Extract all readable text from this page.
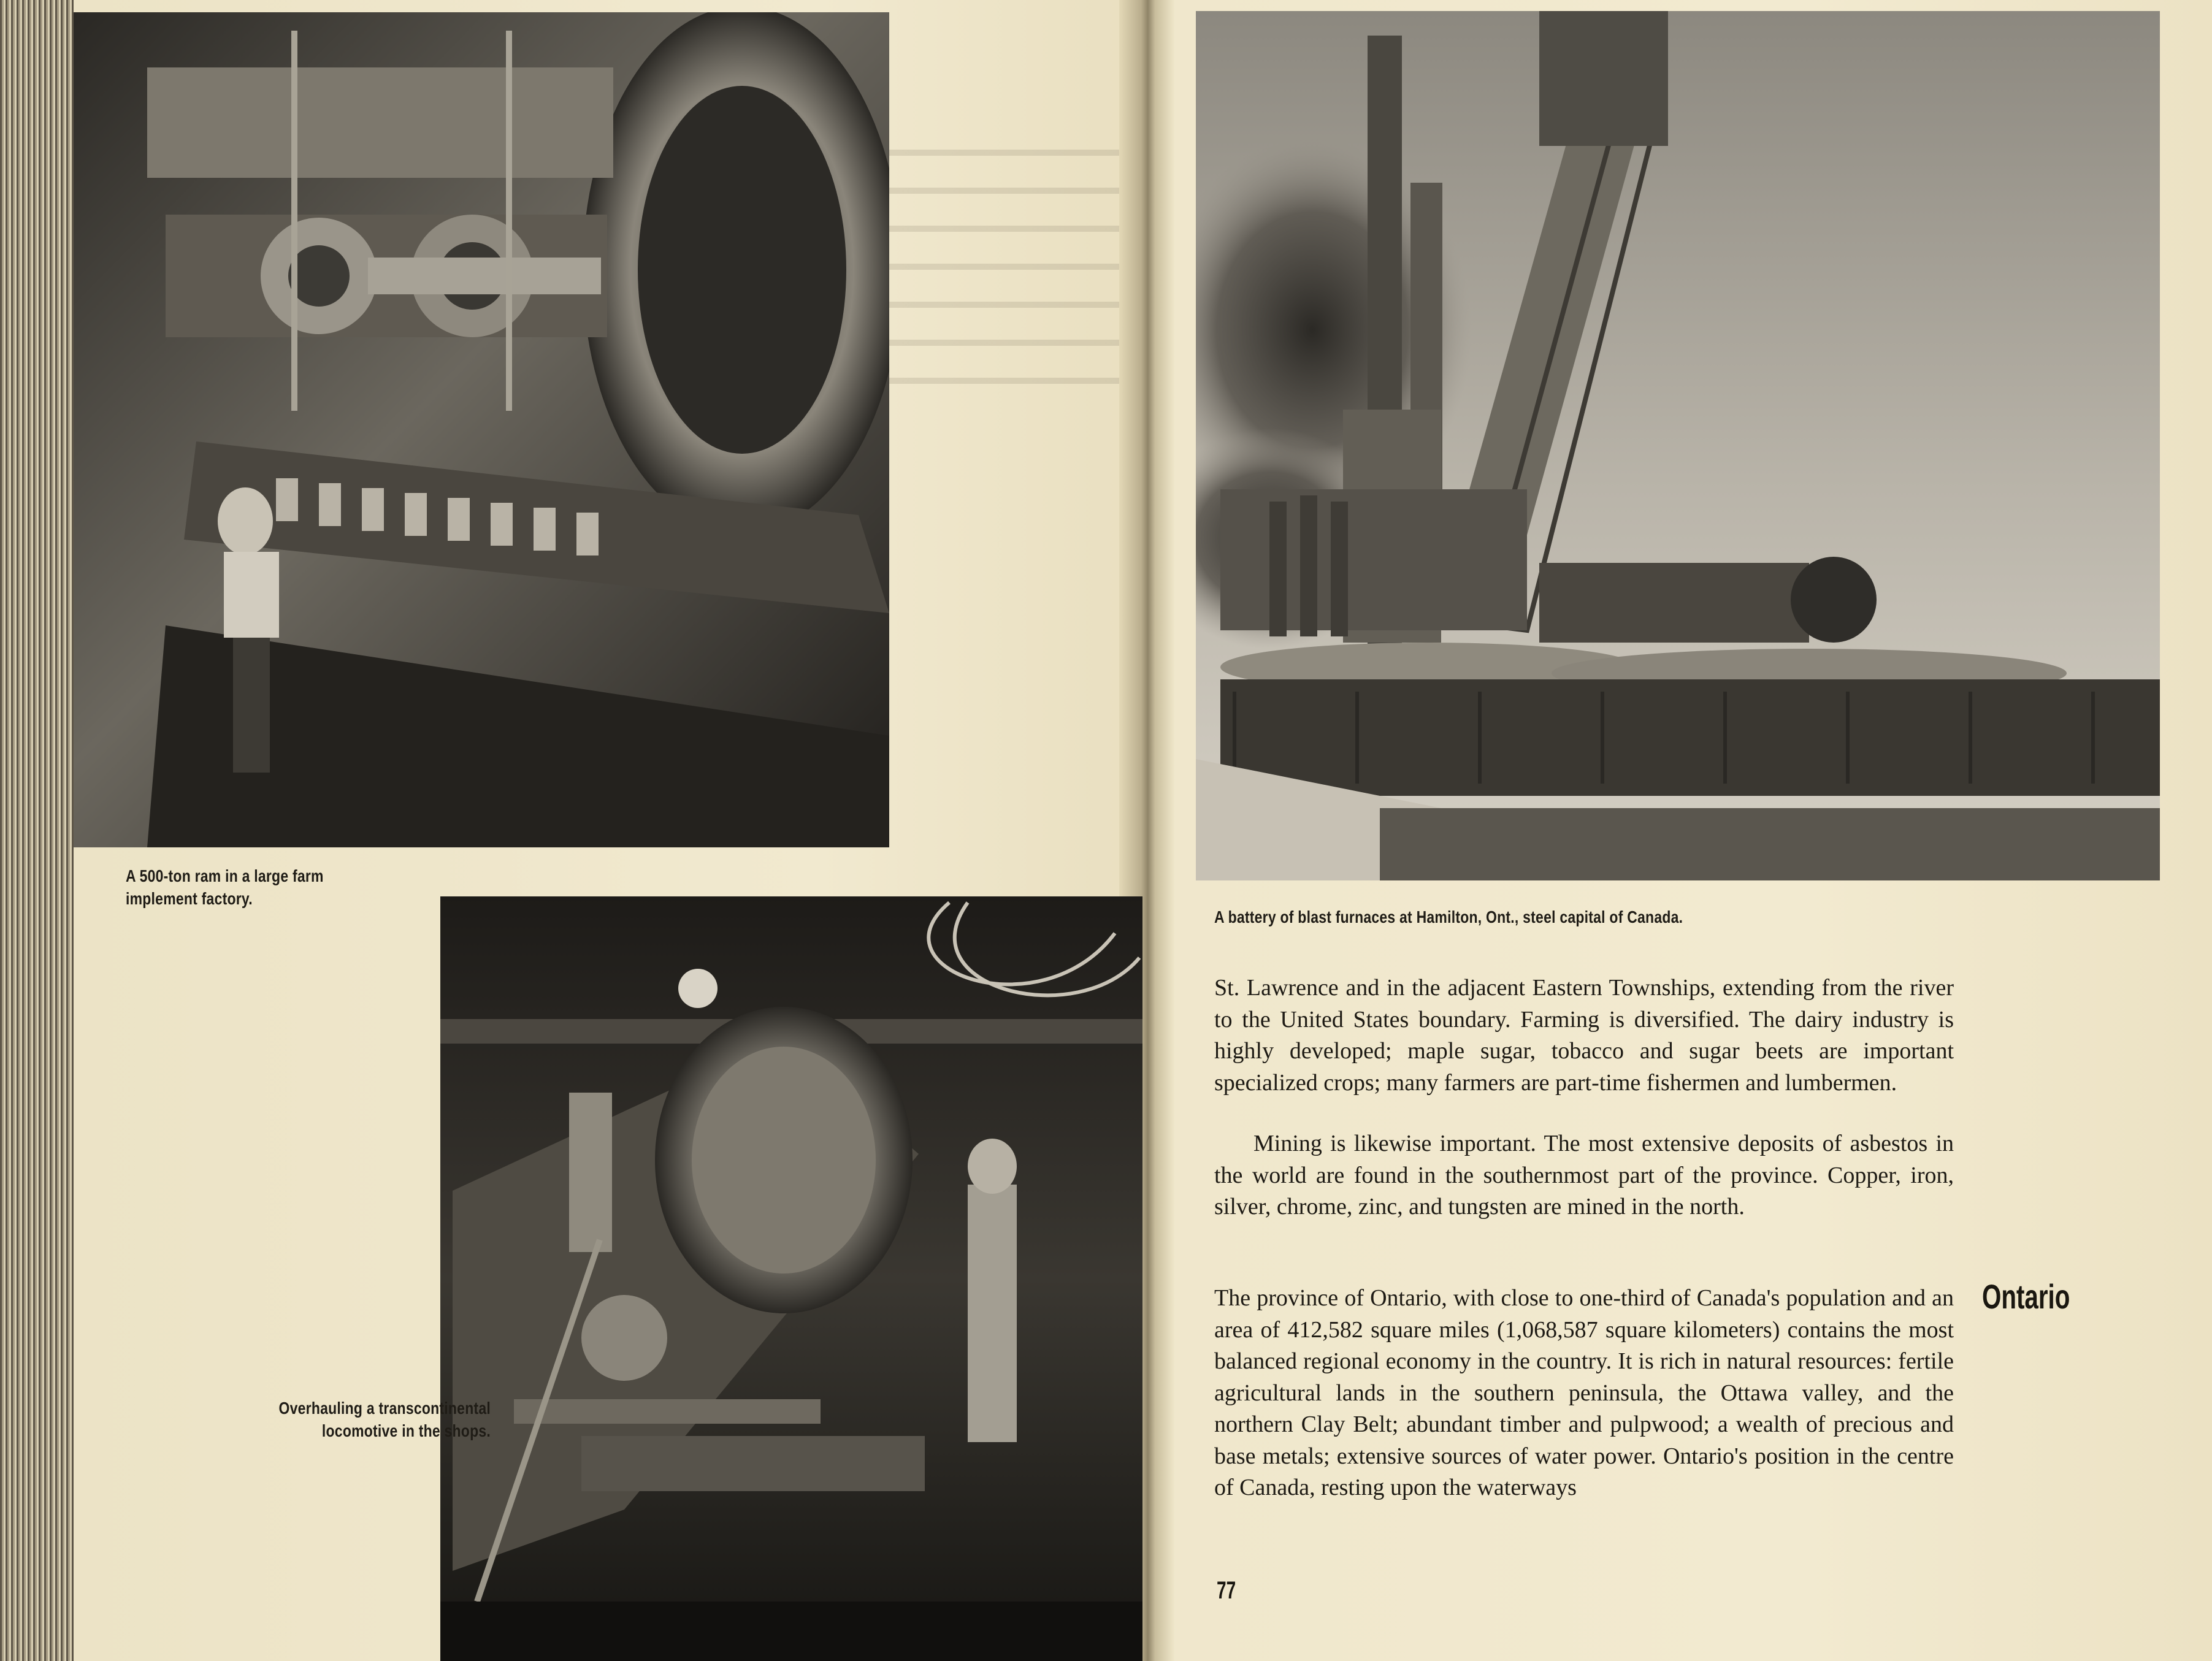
A 500-ton ram in a large farm implement factory.
Overhauling a transcontinental locomotive in the shops.
A battery of blast furnaces at Hamilton, Ont., steel capital of Canada.

St. Lawrence and in the adjacent Eastern Townships, extending from the river to the United States boundary. Farming is diversified. The dairy industry is highly developed; maple sugar, tobacco and sugar beets are important specialized crops; many farmers are part-time fishermen and lumbermen.

Mining is likewise important. The most extensive deposits of asbestos in the world are found in the southernmost part of the province. Copper, iron, silver, chrome, zinc, and tungsten are mined in the north.

The province of Ontario, with close to one-third of Canada's population and an area of 412,582 square miles (1,068,587 square kilometers) contains the most balanced regional economy in the country. It is rich in natural resources: fertile agricultural lands in the southern peninsula, the Ottawa valley, and the northern Clay Belt; abundant timber and pulpwood; a wealth of precious and base metals; extensive sources of water power. Ontario's position in the centre of Canada, resting upon the waterways

Ontario
77
